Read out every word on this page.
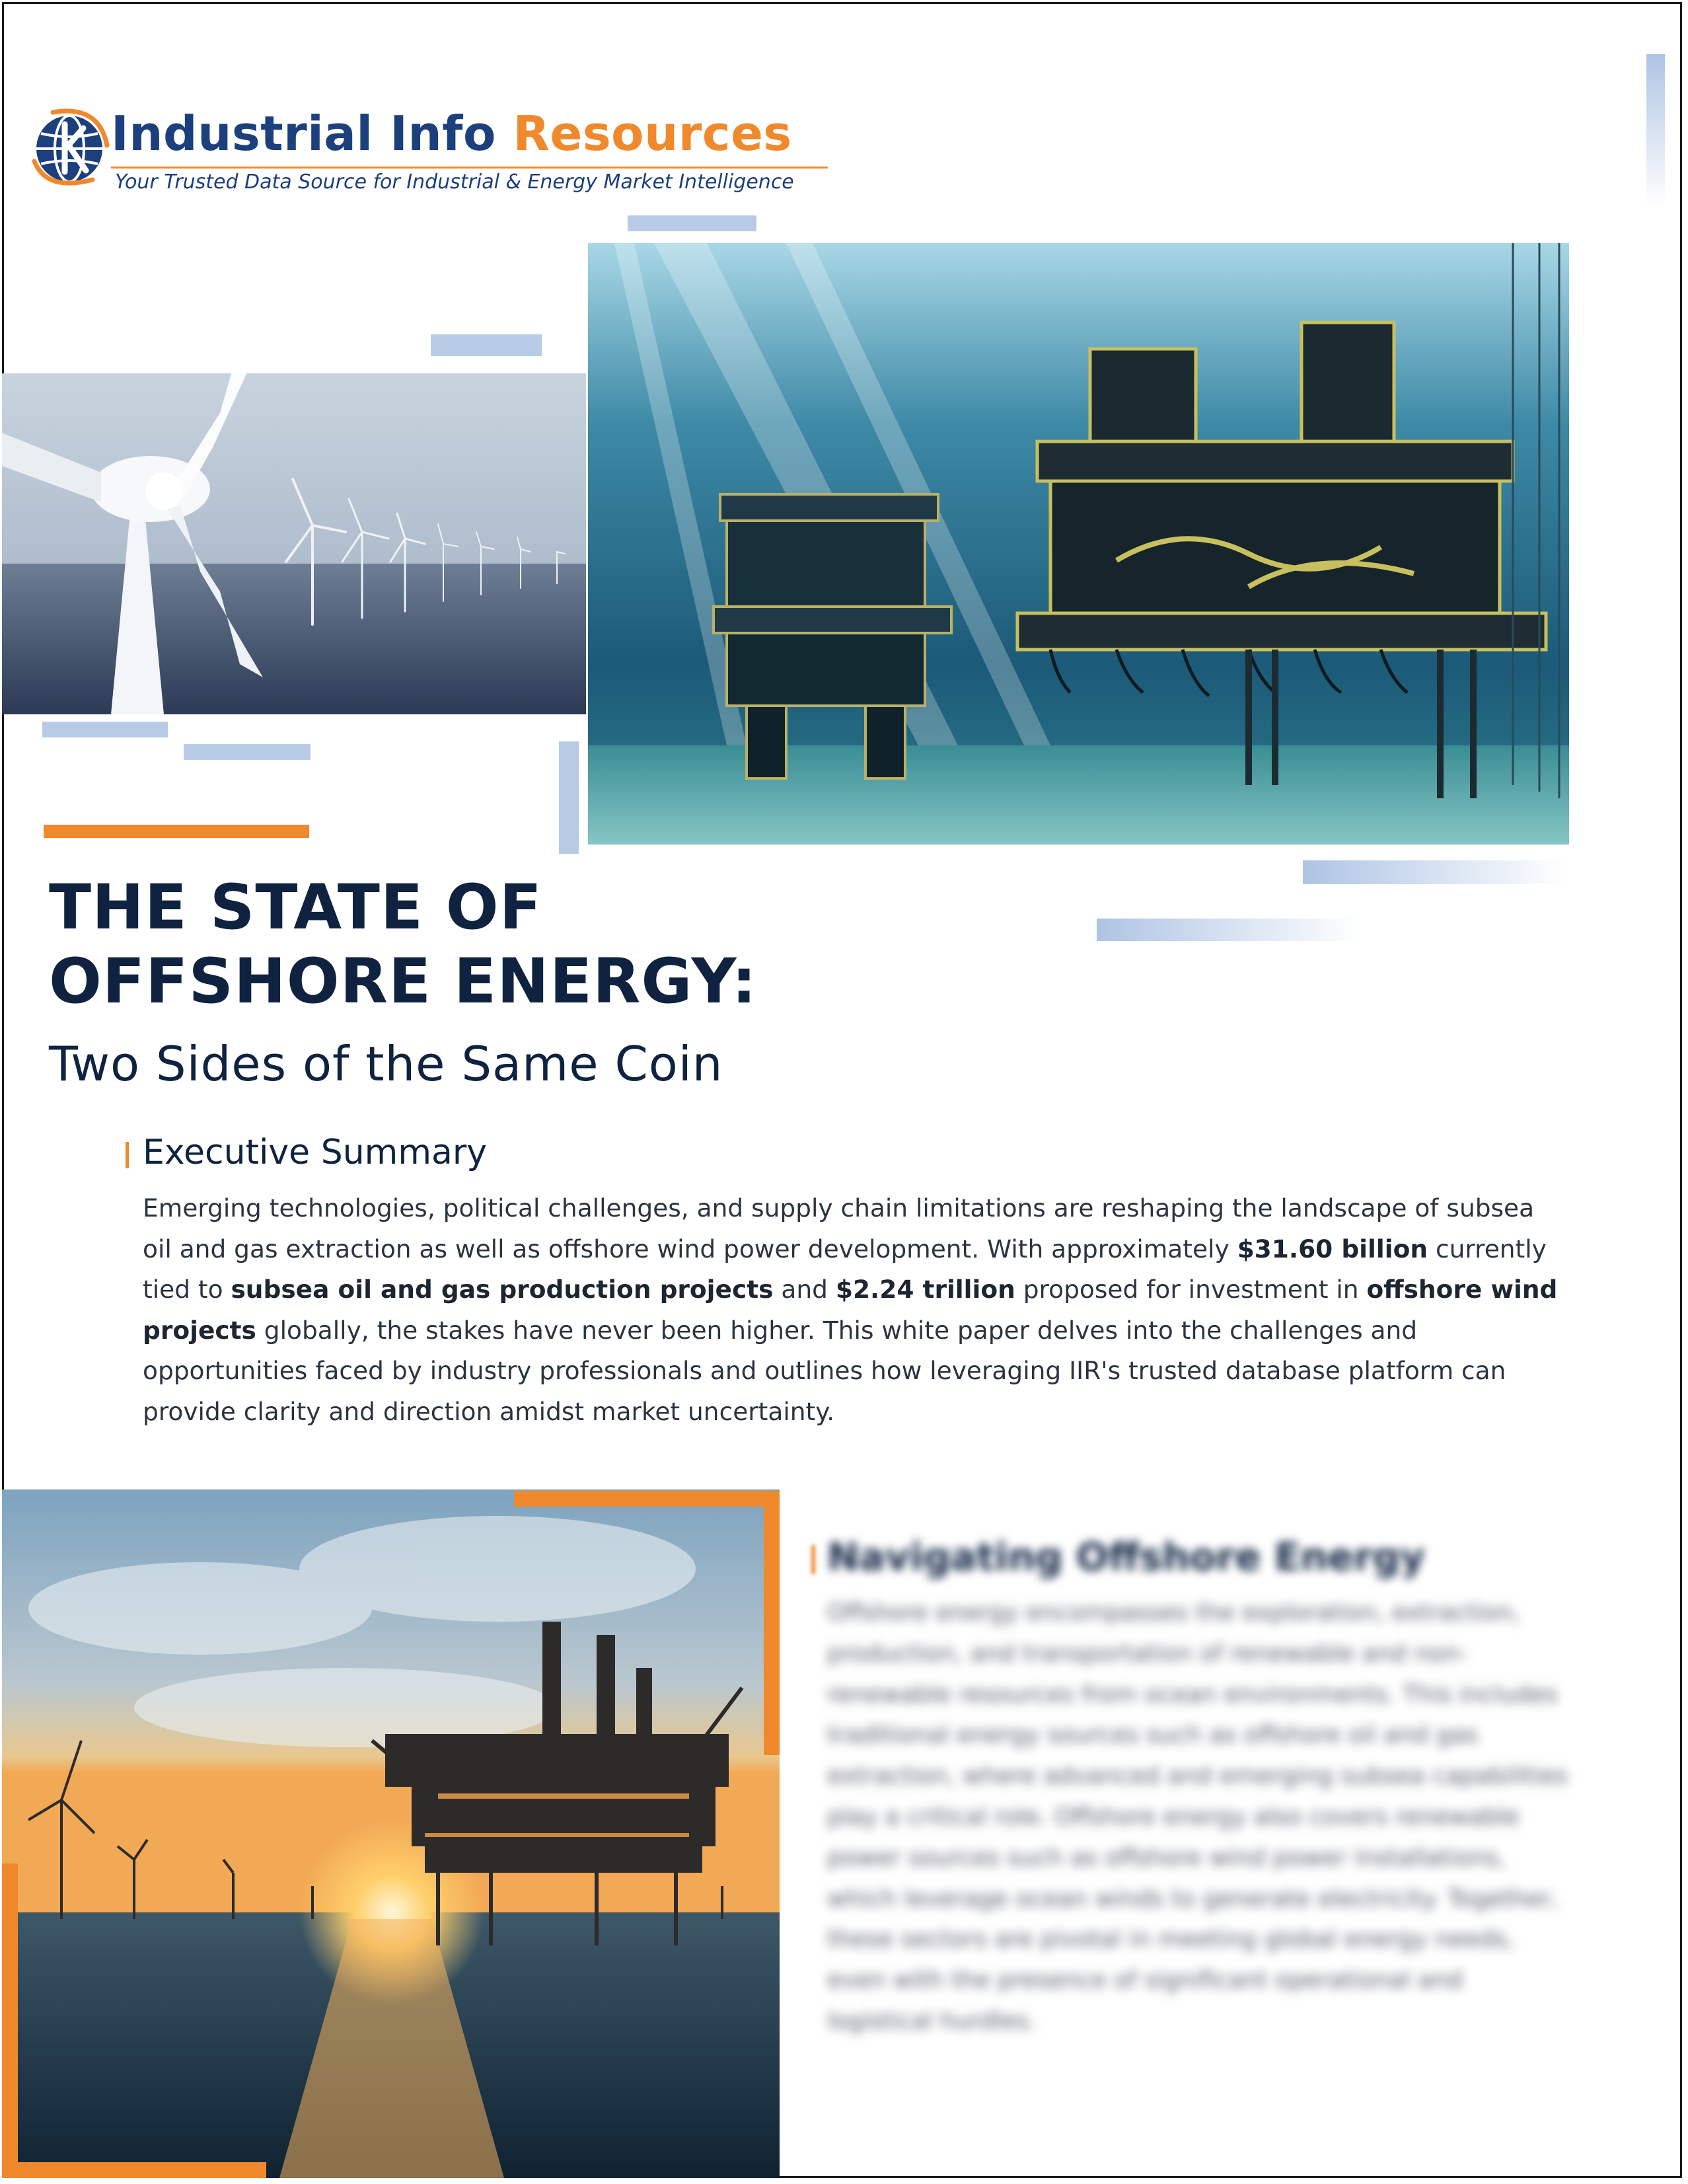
Industrial Info Resources
Your Trusted Data Source for Industrial & Energy Market Intelligence
THE STATE OF
OFFSHORE ENERGY:
Two Sides of the Same Coin
Executive Summary
Emerging technologies, political challenges, and supply chain limitations are reshaping the landscape of subsea oil and gas extraction as well as offshore wind power development. With approximately $31.60 billion currently tied to subsea oil and gas production projects and $2.24 trillion proposed for investment in offshore wind projects globally, the stakes have never been higher. This white paper delves into the challenges and opportunities faced by industry professionals and outlines how leveraging IIR's trusted database platform can provide clarity and direction amidst market uncertainty.
Navigating Offshore Energy
Offshore energy encompasses the exploration, extraction, production, and transportation of renewable and non-renewable resources from ocean environments. This includes traditional energy sources such as offshore oil and gas extraction, where advanced and emerging subsea capabilities play a critical role. Offshore energy also covers renewable power sources such as offshore wind power installations, which leverage ocean winds to generate electricity. Together, these sectors are pivotal in meeting global energy needs, even with the presence of significant operational and logistical hurdles.
